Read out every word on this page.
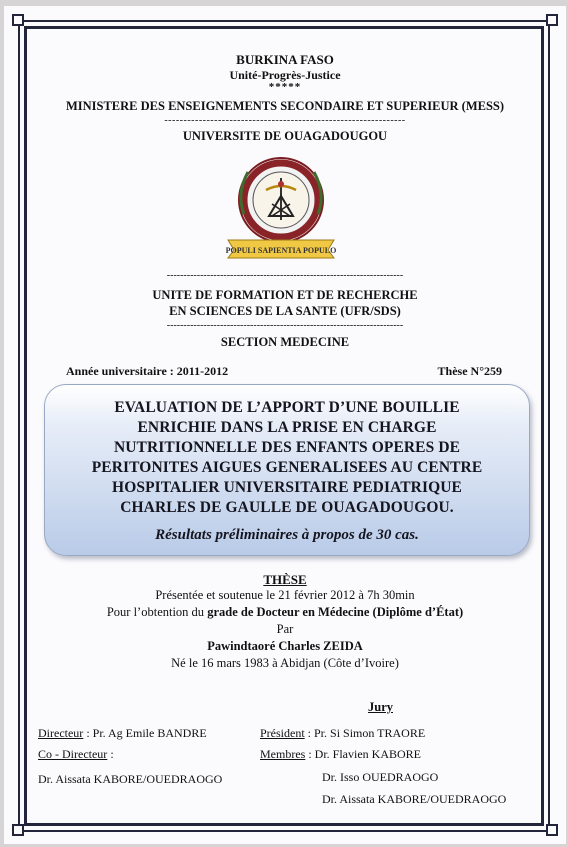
BURKINA FASO
Unité-Progrès-Justice
*****
MINISTERE DES ENSEIGNEMENTS SECONDAIRE ET SUPERIEUR (MESS)
---------------------------------------------------------------
UNIVERSITE DE OUAGADOUGOU
POPULI SAPIENTIA POPULO
-----------------------------------------------------------------------
UNITE DE FORMATION ET DE RECHERCHE
EN SCIENCES DE LA SANTE (UFR/SDS)
-----------------------------------------------------------------------
SECTION MEDECINE
Année universitaire : 2011-2012	Thèse N°259
EVALUATION DE L’APPORT D’UNE BOUILLIE
ENRICHIE DANS LA PRISE EN CHARGE
NUTRITIONNELLE DES ENFANTS OPERES DE
PERITONITES AIGUES GENERALISEES AU CENTRE
HOSPITALIER UNIVERSITAIRE PEDIATRIQUE
CHARLES DE GAULLE DE OUAGADOUGOU.
Résultats préliminaires à propos de 30 cas.
THÈSE
Présentée et soutenue le 21 février 2012 à 7h 30min
Pour l’obtention du grade de Docteur en Médecine (Diplôme d’État)
Par
Pawindtaoré Charles ZEIDA
Né le 16 mars 1983 à Abidjan (Côte d’Ivoire)
Jury
Directeur : Pr. Ag Emile BANDRE
Co - Directeur :
Dr. Aissata KABORE/OUEDRAOGO
Président : Pr. Si Simon TRAORE
Membres : Dr. Flavien KABORE
Dr. Isso OUEDRAOGO
Dr. Aissata KABORE/OUEDRAOGO
